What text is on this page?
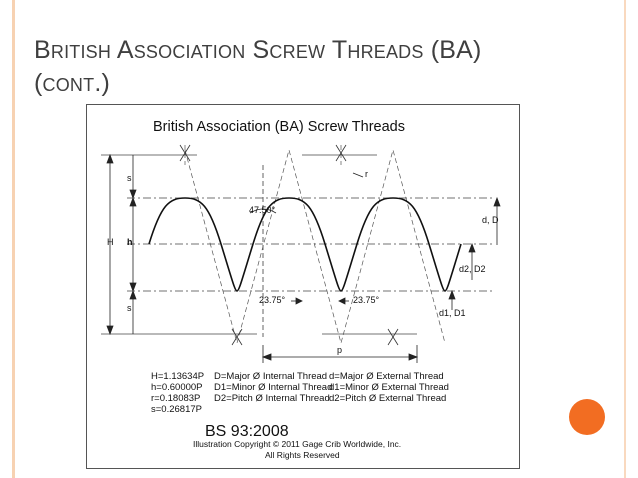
British Association Screw Threads (BA)
(cont.)
British Association (BA) Screw Threads
s
s
H h
r
47.50°
23.75°	23.75°
d, D
d2, D2
d1, D1
p
H=1.13634P
h=0.60000P
r=0.18083P
s=0.26817P
D=Major Ø Internal Thread
D1=Minor Ø Internal Thread
D2=Pitch Ø Internal Thread
d=Major Ø External Thread
d1=Minor Ø External Thread
d2=Pitch Ø External Thread
BS 93:2008
Illustration Copyright © 2011 Gage Crib Worldwide, Inc.
All Rights Reserved
